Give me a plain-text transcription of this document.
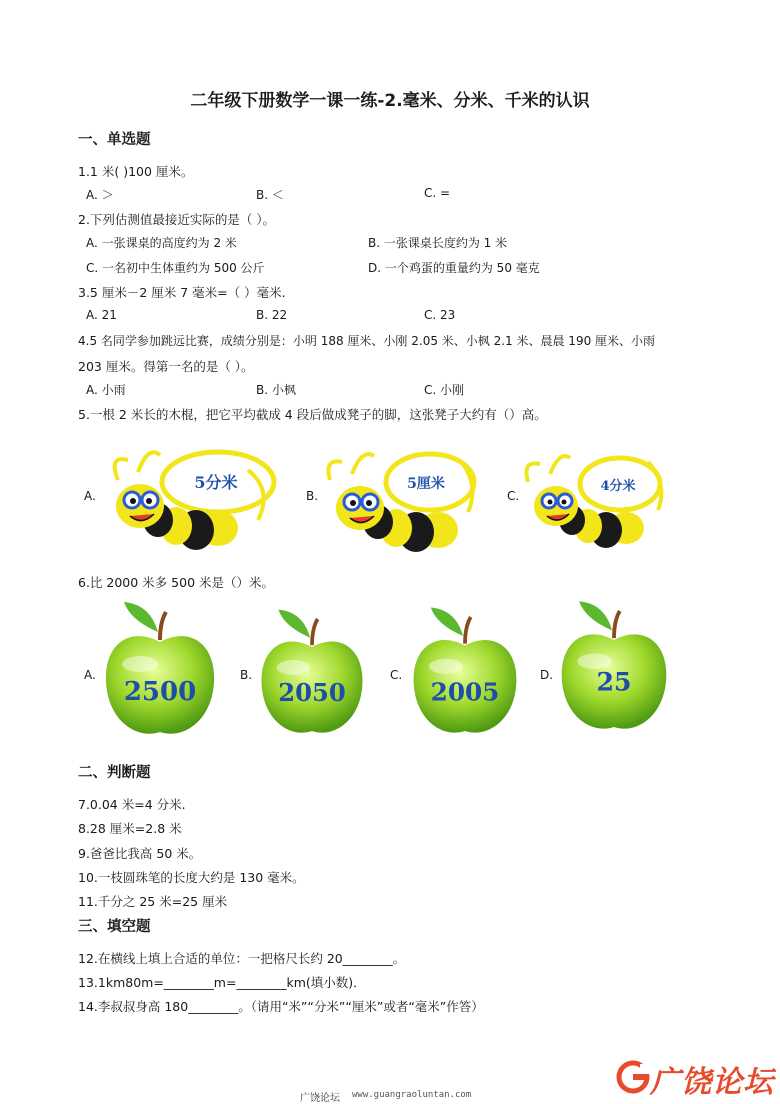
二年级下册数学一课一练-2.毫米、分米、千米的认识
一、单选题
1.1 米( )100 厘米。
A. ＞	B. ＜	C. =
2.下列估测值最接近实际的是（ ）。
A. 一张课桌的高度约为 2 米	B. 一张课桌长度约为 1 米
C. 一名初中生体重约为 500 公斤	D. 一个鸡蛋的重量约为 50 毫克
3.5 厘米－2 厘米 7 毫米=（ ）毫米.
A. 21	B. 22	C. 23
4.5 名同学参加跳远比赛，成绩分别是：小明 188 厘米、小刚 2.05 米、小枫 2.1 米、晨晨 190 厘米、小雨
203 厘米。得第一名的是（ ）。
A. 小雨	B. 小枫	C. 小刚
5.一根 2 米长的木棍，把它平均截成 4 段后做成凳子的脚，这张凳子大约有（）高。
A.	B.	C.
5分米	5厘米	4分米
6.比 2000 米多 500 米是（）米。
A.	B.	C.	D.
2500	2050	2005	25
二、判断题
7.0.04 米=4 分米.
8.28 厘米=2.8 米
9.爸爸比我高 50 米。
10.一枝圆珠笔的长度大约是 130 毫米。
11.千分之 25 米=25 厘米
三、填空题
12.在横线上填上合适的单位：一把格尺长约 20________。
13.1km80m=________m=________km(填小数)．
14.李叔叔身高 180________。（请用“米”“分米”“厘米”或者“毫米”作答）
广饶论坛 www.guangraoluntan.com	广饶论坛
